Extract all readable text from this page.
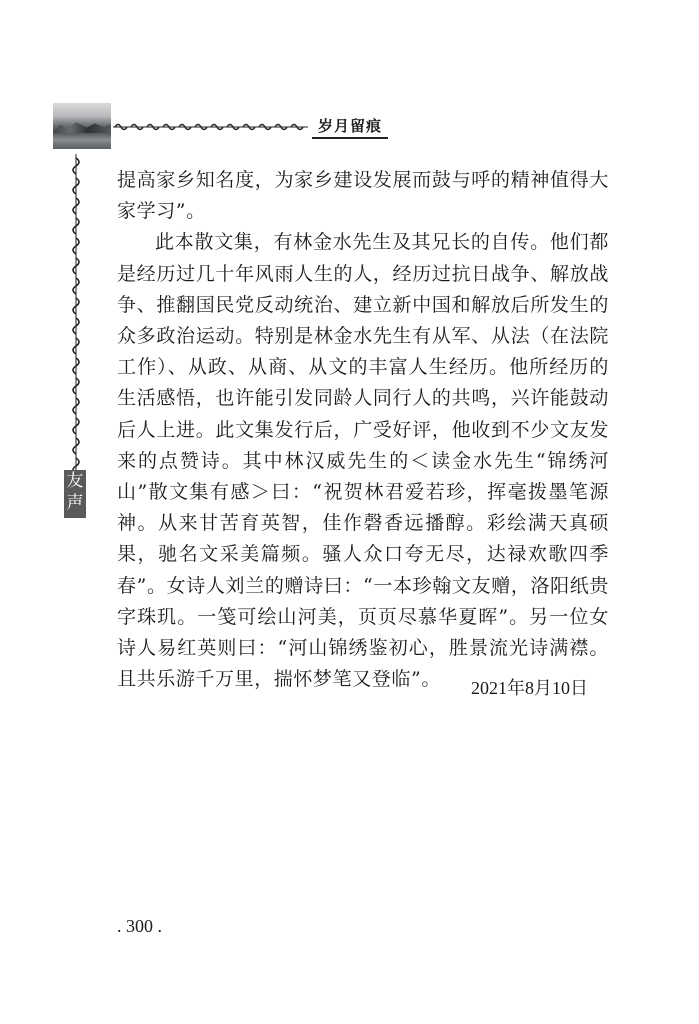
岁月留痕
友声

提高家乡知名度，为家乡建设发展而鼓与呼的精神值得大家学习”。

此本散文集，有林金水先生及其兄长的自传。他们都是经历过几十年风雨人生的人，经历过抗日战争、解放战争、推翻国民党反动统治、建立新中国和解放后所发生的众多政治运动。特别是林金水先生有从军、从法（在法院工作）、从政、从商、从文的丰富人生经历。他所经历的生活感悟，也许能引发同龄人同行人的共鸣，兴许能鼓动后人上进。此文集发行后，广受好评，他收到不少文友发来的点赞诗。其中林汉威先生的＜读金水先生“锦绣河山”散文集有感＞曰：“祝贺林君爱若珍，挥毫拨墨笔源神。从来甘苦育英智，佳作磬香远播醇。彩绘满天真硕果，驰名文采美篇频。骚人众口夸无尽，达禄欢歌四季春”。女诗人刘兰的赠诗曰：“一本珍翰文友赠，洛阳纸贵字珠玑。一笺可绘山河美，页页尽慕华夏晖”。另一位女诗人易红英则曰：“河山锦绣鉴初心，胜景流光诗满襟。且共乐游千万里，揣怀梦笔又登临”。	2021年8月10日
. 300 .
